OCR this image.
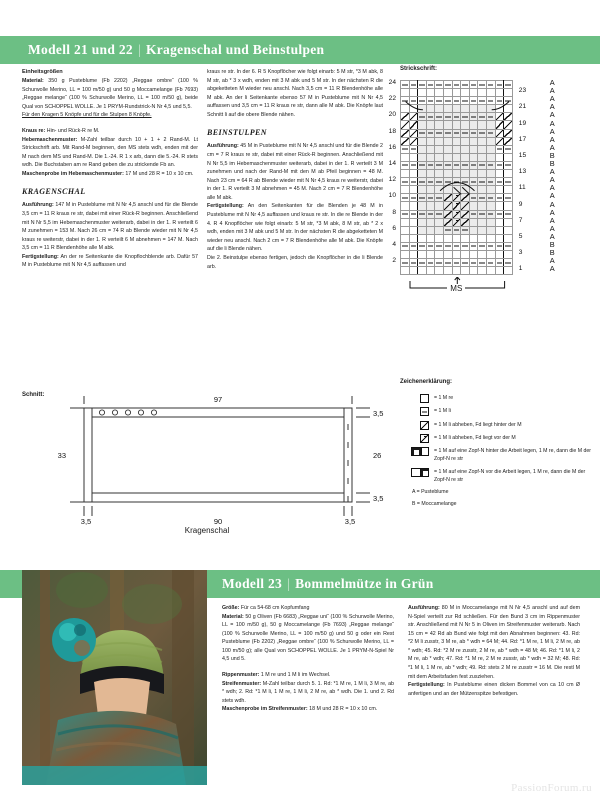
Modell 21 und 22 | Kragenschal und Beinstulpen
Einheitsgrößen

Material: 350 g Pusteblume (Fb 2202) „Reggae ombre“ (100 % Schurwolle Merino, LL = 100 m/50 g) und 50 g Moccamelange (Fb 7693) „Reggae melange“ (100 % Schurwolle Merino, LL = 100 m/50 g), beide Qual von SCHOPPEL WOLLE. Je 1 PRYM-Rundstrick-N Nr 4,5 und 5,5.

Für den Kragen 5 Knöpfe und für die Stulpen 8 Knöpfe.

Kraus re: Hin- und Rück-R re M.

Hebemaschenmuster: M-Zahl teilbar durch 10 + 1 + 2 Rand-M. Lt Strickschrift arb. Mit Rand-M beginnen, den MS stets wdh, enden mit der M nach dem MS und Rand-M. Die 1.-24. R 1 x arb, dann die 5.-24. R stets wdh. Die Buchstaben am re Rand geben die zu strickende Fb an.

Maschenprobe im Hebemaschenmuster: 17 M und 28 R = 10 x 10 cm.

KRAGENSCHAL

Ausführung: 147 M in Pusteblume mit N Nr 4,5 anschl und für die Blende 3,5 cm = 11 R kraus re str, dabei mit einer Rück-R beginnen. Anschließend mit N Nr 5,5 im Hebemaschenmuster weiterarb, dabei in der 1. R verteilt 6 M zunehmen = 153 M. Nach 26 cm = 74 R ab Blende wieder mit N Nr 4,5 kraus re weiterstr, dabei in der 1. R verteilt 6 M abnehmen = 147 M. Nach 3,5 cm = 11 R Blendenhöhe alle M abk.

Fertigstellung: An der re Seitenkante die Knopflochblende arb. Dafür 57 M in Pusteblume mit N Nr 4,5 auffassen und

kraus re str. In der 6. R 5 Knopflöcher wie folgt einarb: 5 M str, *3 M abk, 8 M str, ab * 3 x wdh, enden mit 3 M abk und 5 M str. In der nächsten R die abgeketteten M wieder neu anschl. Nach 3,5 cm = 11 R Blendenhöhe alle M abk. An der li Seitenkante ebenso 57 M in Pusteblume mit N Nr 4,5 auffassen und 3,5 cm = 11 R kraus re str, dann alle M abk. Die Knöpfe laut Schnitt li auf die obere Blende nähen.

BEINSTULPEN

Ausführung: 45 M in Pusteblume mit N Nr 4,5 anschl und für die Blende 2 cm = 7 R kraus re str, dabei mit einer Rück-R beginnen. Anschließend mit N Nr 5,5 im Hebemaschenmuster weiterarb, dabei in der 1. R verteilt 3 M zunehmen und nach der Rand-M mit den M ab Pfeil beginnen = 48 M. Nach 23 cm = 64 R ab Blende wieder mit N Nr 4,5 kraus re weiterstr, dabei in der 1. R verteilt 3 M abnehmen = 45 M. Nach 2 cm = 7 R Blendenhöhe alle M abk.

Fertigstellung: An den Seitenkanten für die Blenden je 48 M in Pusteblume mit N Nr 4,5 auffassen und kraus re str. In die re Blende in der 4. R 4 Knopflöcher wie folgt einarb: 5 M str, *3 M abk, 8 M str, ab * 2 x wdh, enden mit 3 M abk und 5 M str. In der nächsten R die abgeketteten M wieder neu anschl. Nach 2 cm = 7 R Blendenhöhe alle M abk. Die Knöpfe auf die li Blende nähen.

Die 2. Beinstulpe ebenso fertigen, jedoch die Knopflöcher in die li Blende arb.

Strickschrift:

24
22
20
18
16
14
12
10
8
6
4
2
23
21
19
17
15
13
11
9
7
5
3
1
A
A
A
A
A
A
A
A
A
B
B
A
A
A
A
A
A
A
A
A
B
B
A
A
MS
Zeichenerklärung:
= 1 M re
= 1 M li
= 1 M li abheben, Fd liegt hinter der M
= 1 M li abheben, Fd liegt vor der M
= 1 M auf eine Zopf-N hinter die Arbeit legen, 1 M re, dann die M der Zopf-N re str
= 1 M auf eine Zopf-N vor die Arbeit legen, 1 M re, dann die M der Zopf-N re str
A = Pusteblume
B = Moccamelange
Schnitt:	97
90
33	26
3,5
3,5
3,5	3,5
Kragenschal
Modell 23 | Bommelmütze in Grün

Größe: Für ca 54-68 cm Kopfumfang

Material: 50 g Oliven (Fb 6683) „Reggae uni“ (100 % Schurwolle Merino, LL = 100 m/50 g), 50 g Moccamelange (Fb 7693) „Reggae melange“ (100 % Schurwolle Merino, LL = 100 m/50 g) und 50 g oder ein Rest Pusteblume (Fb 2202) „Reggae ombre“ (100 % Schurwolle Merino, LL = 100 m/50 g); alle Qual von SCHOPPEL WOLLE. Je 1 PRYM-N-Spiel Nr 4,5 und 5.

Rippenmuster: 1 M re und 1 M li im Wechsel.

Streifenmuster: M-Zahl teilbar durch 5. 1. Rd: *1 M re, 1 M li, 3 M re, ab * wdh; 2. Rd: *1 M li, 1 M re, 1 M li, 2 M re, ab * wdh. Die 1. und 2. Rd stets wdh.

Maschenprobe im Streifenmuster: 18 M und 28 R = 10 x 10 cm.

Ausführung: 80 M in Moccamelange mit N Nr 4,5 anschl und auf dem N-Spiel verteilt zur Rd schließen. Für den Bund 3 cm im Rippenmuster str. Anschließend mit N Nr 5 in Oliven im Streifenmuster weiterarb. Nach 15 cm = 42 Rd ab Bund wie folgt mit den Abnahmen beginnen: 43. Rd: *2 M li zusstr, 3 M re, ab * wdh = 64 M; 44. Rd: *1 M re, 1 M li, 2 M re, ab * wdh; 45. Rd: *2 M re zusstr, 2 M re, ab * wdh = 48 M; 46. Rd: *1 M li, 2 M re, ab * wdh; 47. Rd: *1 M re, 2 M re zusstr, ab * wdh = 32 M; 48. Rd: *1 M li, 1 M re, ab * wdh; 49. Rd: stets 2 M re zusstr = 16 M. Die restl M mit dem Arbeitsfaden fest zusziehen.

Fertigstellung: In Pusteblume einen dicken Bommel von ca 10 cm Ø anfertigen und an der Mützenspitze befestigen.

PassionForum.ru
